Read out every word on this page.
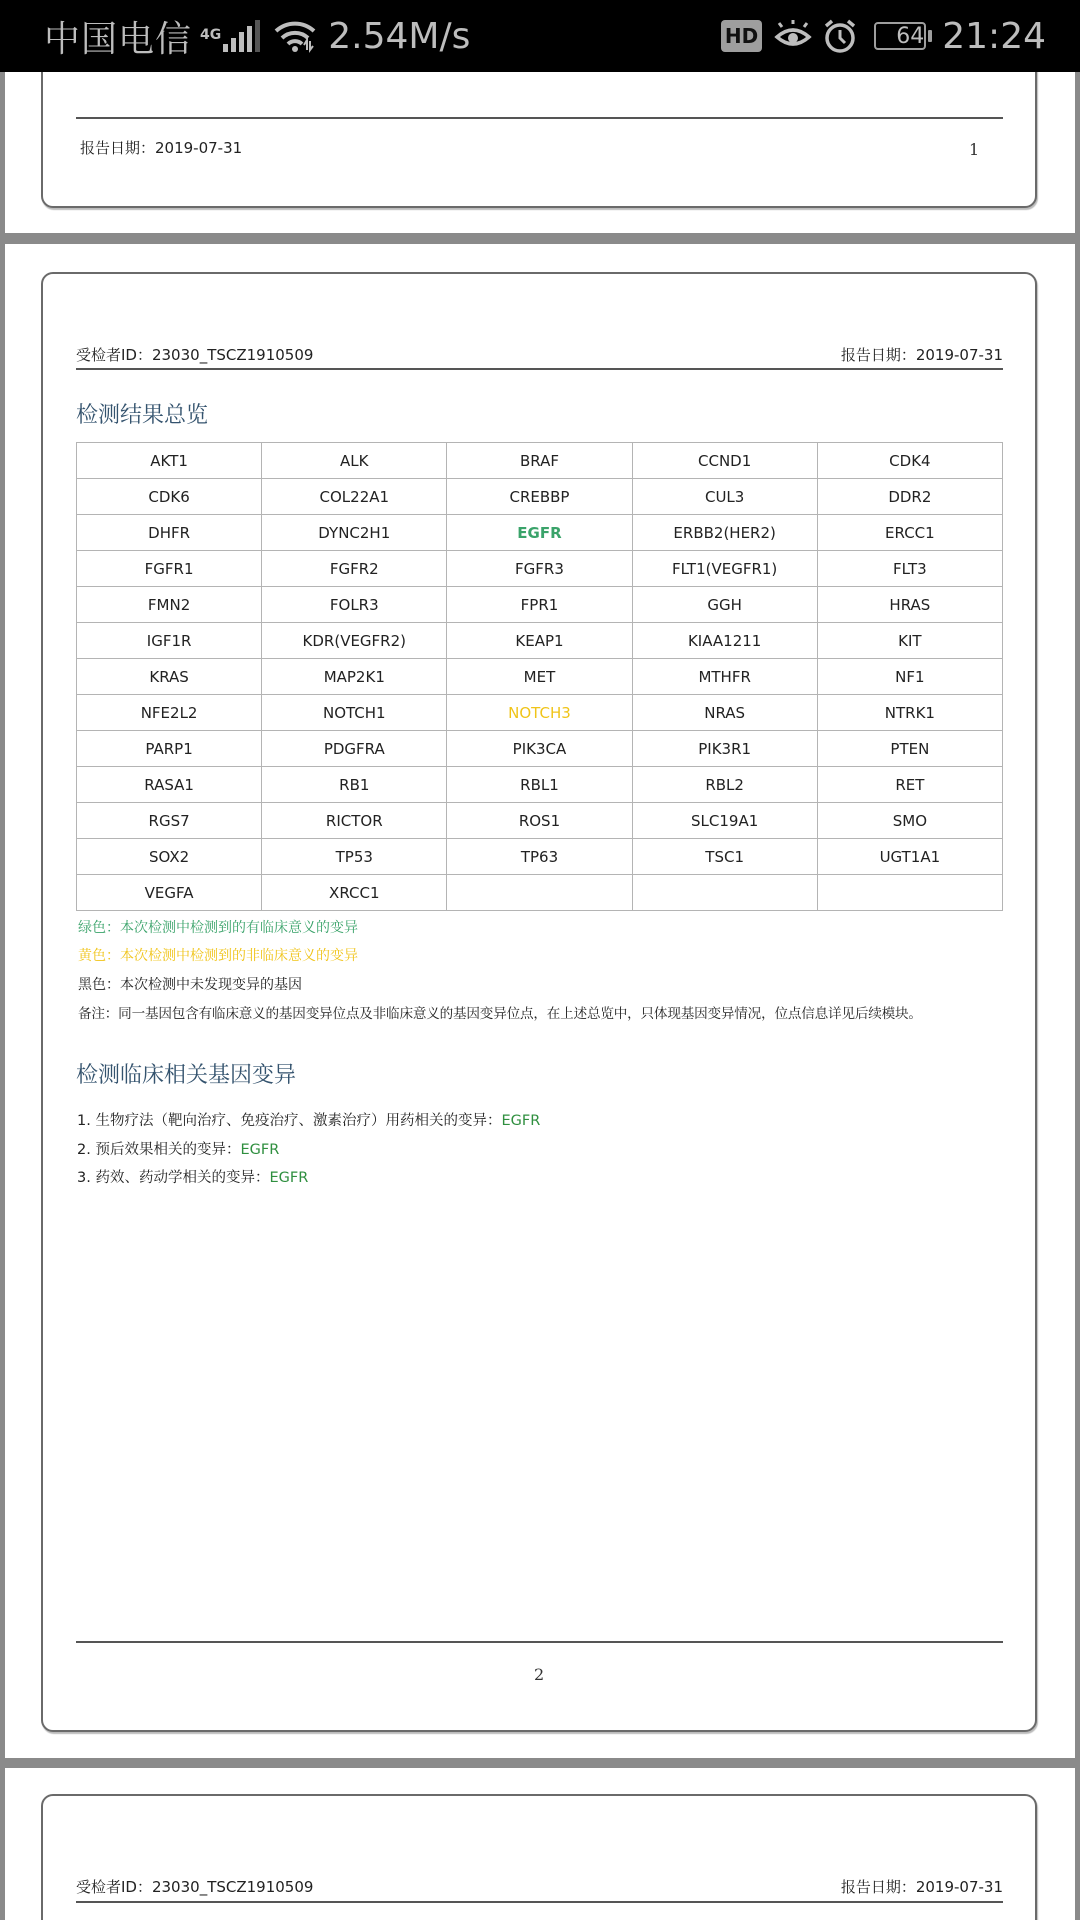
中国电信 4G	2.54M/s	HD	64 21:24
报告日期：2019-07-31	1
受检者ID：23030_TSCZ1910509	报告日期：2019-07-31
检测结果总览
AKT1	ALK	BRAF	CCND1	CDK4
CDK6	COL22A1	CREBBP	CUL3	DDR2
DHFR	DYNC2H1	EGFR	ERBB2(HER2)	ERCC1
FGFR1	FGFR2	FGFR3	FLT1(VEGFR1)	FLT3
FMN2	FOLR3	FPR1	GGH	HRAS
IGF1R	KDR(VEGFR2)	KEAP1	KIAA1211	KIT
KRAS	MAP2K1	MET	MTHFR	NF1
NFE2L2	NOTCH1	NOTCH3	NRAS	NTRK1
PARP1	PDGFRA	PIK3CA	PIK3R1	PTEN
RASA1	RB1	RBL1	RBL2	RET
RGS7	RICTOR	ROS1	SLC19A1	SMO
SOX2	TP53	TP63	TSC1	UGT1A1
VEGFA	XRCC1			
绿色：本次检测中检测到的有临床意义的变异
黄色：本次检测中检测到的非临床意义的变异
黑色：本次检测中未发现变异的基因
备注：同一基因包含有临床意义的基因变异位点及非临床意义的基因变异位点，在上述总览中，只体现基因变异情况，位点信息详见后续模块。
检测临床相关基因变异
1. 生物疗法（靶向治疗、免疫治疗、激素治疗）用药相关的变异：EGFR
2. 预后效果相关的变异：EGFR
3. 药效、药动学相关的变异：EGFR
2
受检者ID：23030_TSCZ1910509	报告日期：2019-07-31
